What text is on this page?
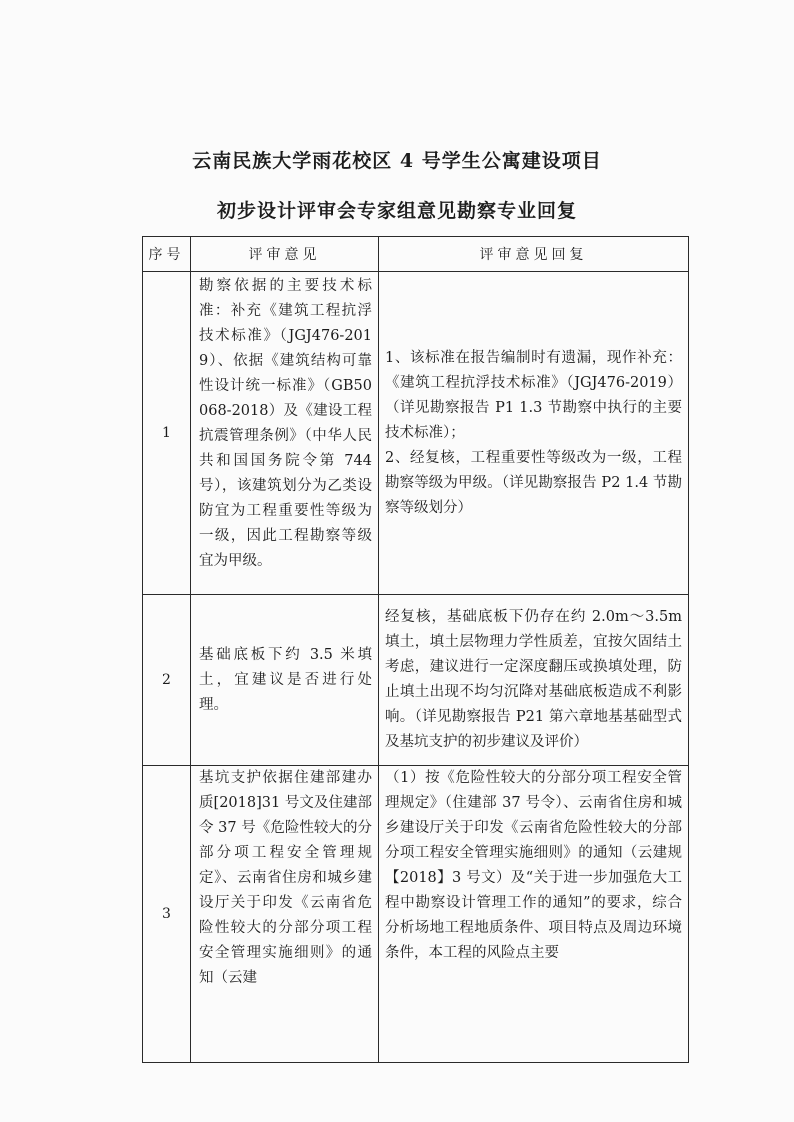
云南民族大学雨花校区 4 号学生公寓建设项目
初步设计评审会专家组意见勘察专业回复
序号	评审意见	评审意见回复
1	勘察依据的主要技术标准：补充《建筑工程抗浮技术标准》（JGJ476-2019）、依据《建筑结构可靠性设计统一标准》（GB50068-2018）及《建设工程抗震管理条例》（中华人民共和国国务院令第 744 号），该建筑划分为乙类设防宜为工程重要性等级为一级，因此工程勘察等级宜为甲级。	1、该标准在报告编制时有遗漏，现作补充：《建筑工程抗浮技术标准》（JGJ476-2019）（详见勘察报告 P1 1.3 节勘察中执行的主要技术标准）；
2、经复核，工程重要性等级改为一级，工程勘察等级为甲级。（详见勘察报告 P2 1.4 节勘察等级划分）

2	基础底板下约 3.5 米填土，宜建议是否进行处理。	经复核，基础底板下仍存在约 2.0m～3.5m 填土，填土层物理力学性质差，宜按欠固结土考虑，建议进行一定深度翻压或换填处理，防止填土出现不均匀沉降对基础底板造成不利影响。（详见勘察报告 P21 第六章地基基础型式及基坑支护的初步建议及评价）

3	基坑支护依据住建部建办质[2018]31 号文及住建部令 37 号《危险性较大的分部分项工程安全管理规定》、云南省住房和城乡建设厅关于印发《云南省危险性较大的分部分项工程安全管理实施细则》的通知（云建	（1）按《危险性较大的分部分项工程安全管理规定》（住建部 37 号令）、云南省住房和城乡建设厅关于印发《云南省危险性较大的分部分项工程安全管理实施细则》的通知（云建规【2018】3 号文）及“关于进一步加强危大工程中勘察设计管理工作的通知”的要求，综合分析场地工程地质条件、项目特点及周边环境条件，本工程的风险点主要
